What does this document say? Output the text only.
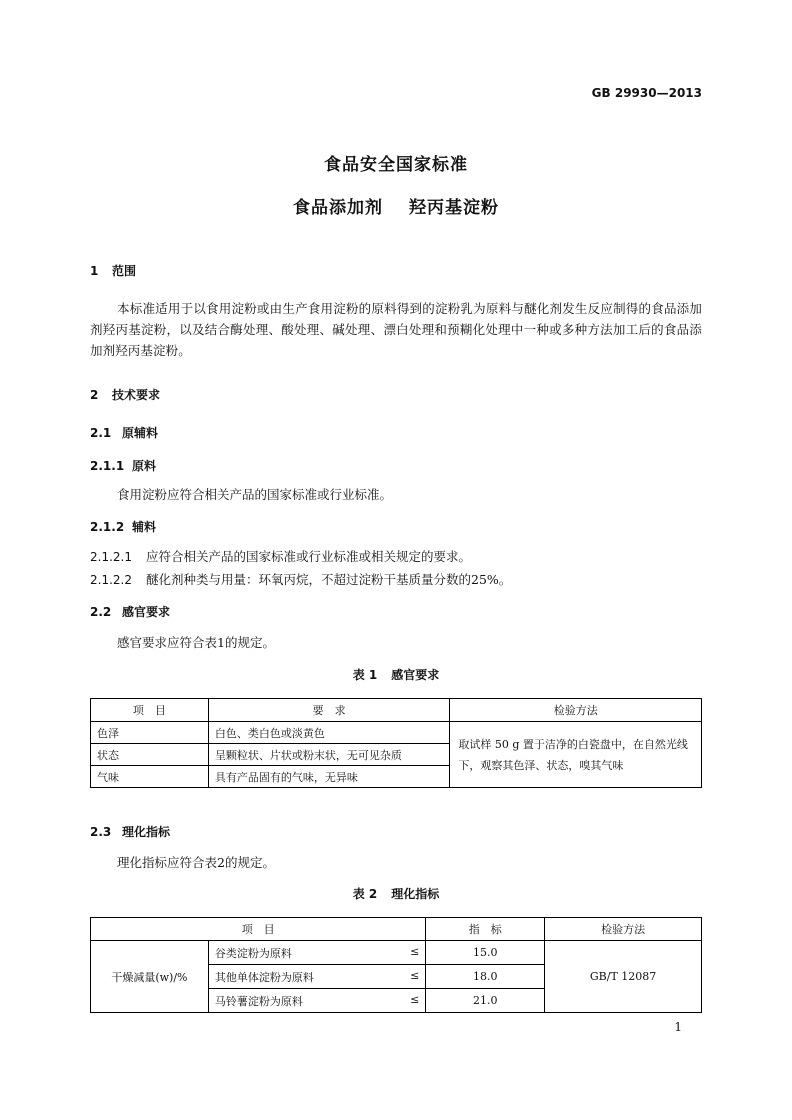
GB 29930—2013
食品安全国家标准
食品添加剂 羟丙基淀粉
1 范围
本标准适用于以食用淀粉或由生产食用淀粉的原料得到的淀粉乳为原料与醚化剂发生反应制得的食品添加剂羟丙基淀粉，以及结合酶处理、酸处理、碱处理、漂白处理和预糊化处理中一种或多种方法加工后的食品添加剂羟丙基淀粉。
2 技术要求
2.1 原辅料
2.1.1 原料
食用淀粉应符合相关产品的国家标准或行业标准。
2.1.2 辅料
2.1.2.1 应符合相关产品的国家标准或行业标准或相关规定的要求。
2.1.2.2 醚化剂种类与用量：环氧丙烷，不超过淀粉干基质量分数的25%。
2.2 感官要求
感官要求应符合表1的规定。
表 1 感官要求
项　目	要　求	检验方法
色泽	白色、类白色或淡黄色	取试样 50 g 置于洁净的白瓷盘中，在自然光线下，观察其色泽、状态，嗅其气味
状态	呈颗粒状、片状或粉末状，无可见杂质	
气味	具有产品固有的气味，无异味	
2.3 理化指标
理化指标应符合表2的规定。
表 2 理化指标
项　目		指　标	检验方法
干燥减量(w)/%	谷类淀粉为原料 ≤	15.0	GB/T 12087
	其他单体淀粉为原料 ≤	18.0	
	马铃薯淀粉为原料 ≤	21.0	
1
